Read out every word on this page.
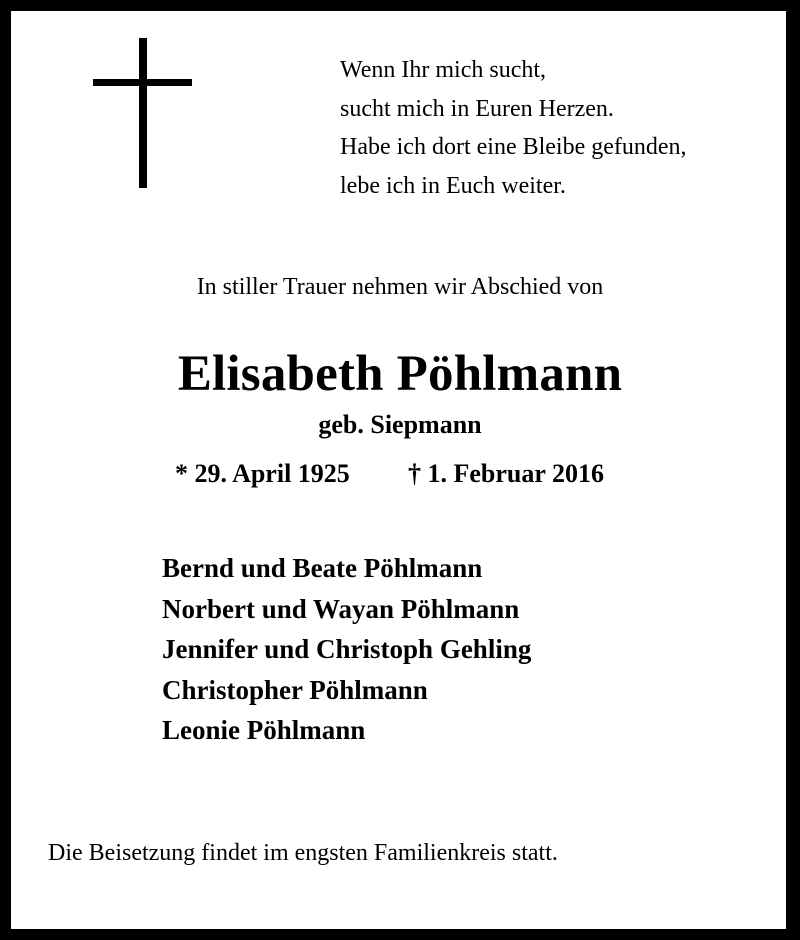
Wenn Ihr mich sucht,
sucht mich in Euren Herzen.
Habe ich dort eine Bleibe gefunden,
lebe ich in Euch weiter.
In stiller Trauer nehmen wir Abschied von
Elisabeth Pöhlmann
geb. Siepmann
* 29. April 1925 † 1. Februar 2016
Bernd und Beate Pöhlmann
Norbert und Wayan Pöhlmann
Jennifer und Christoph Gehling
Christopher Pöhlmann
Leonie Pöhlmann
Die Beisetzung findet im engsten Familienkreis statt.
